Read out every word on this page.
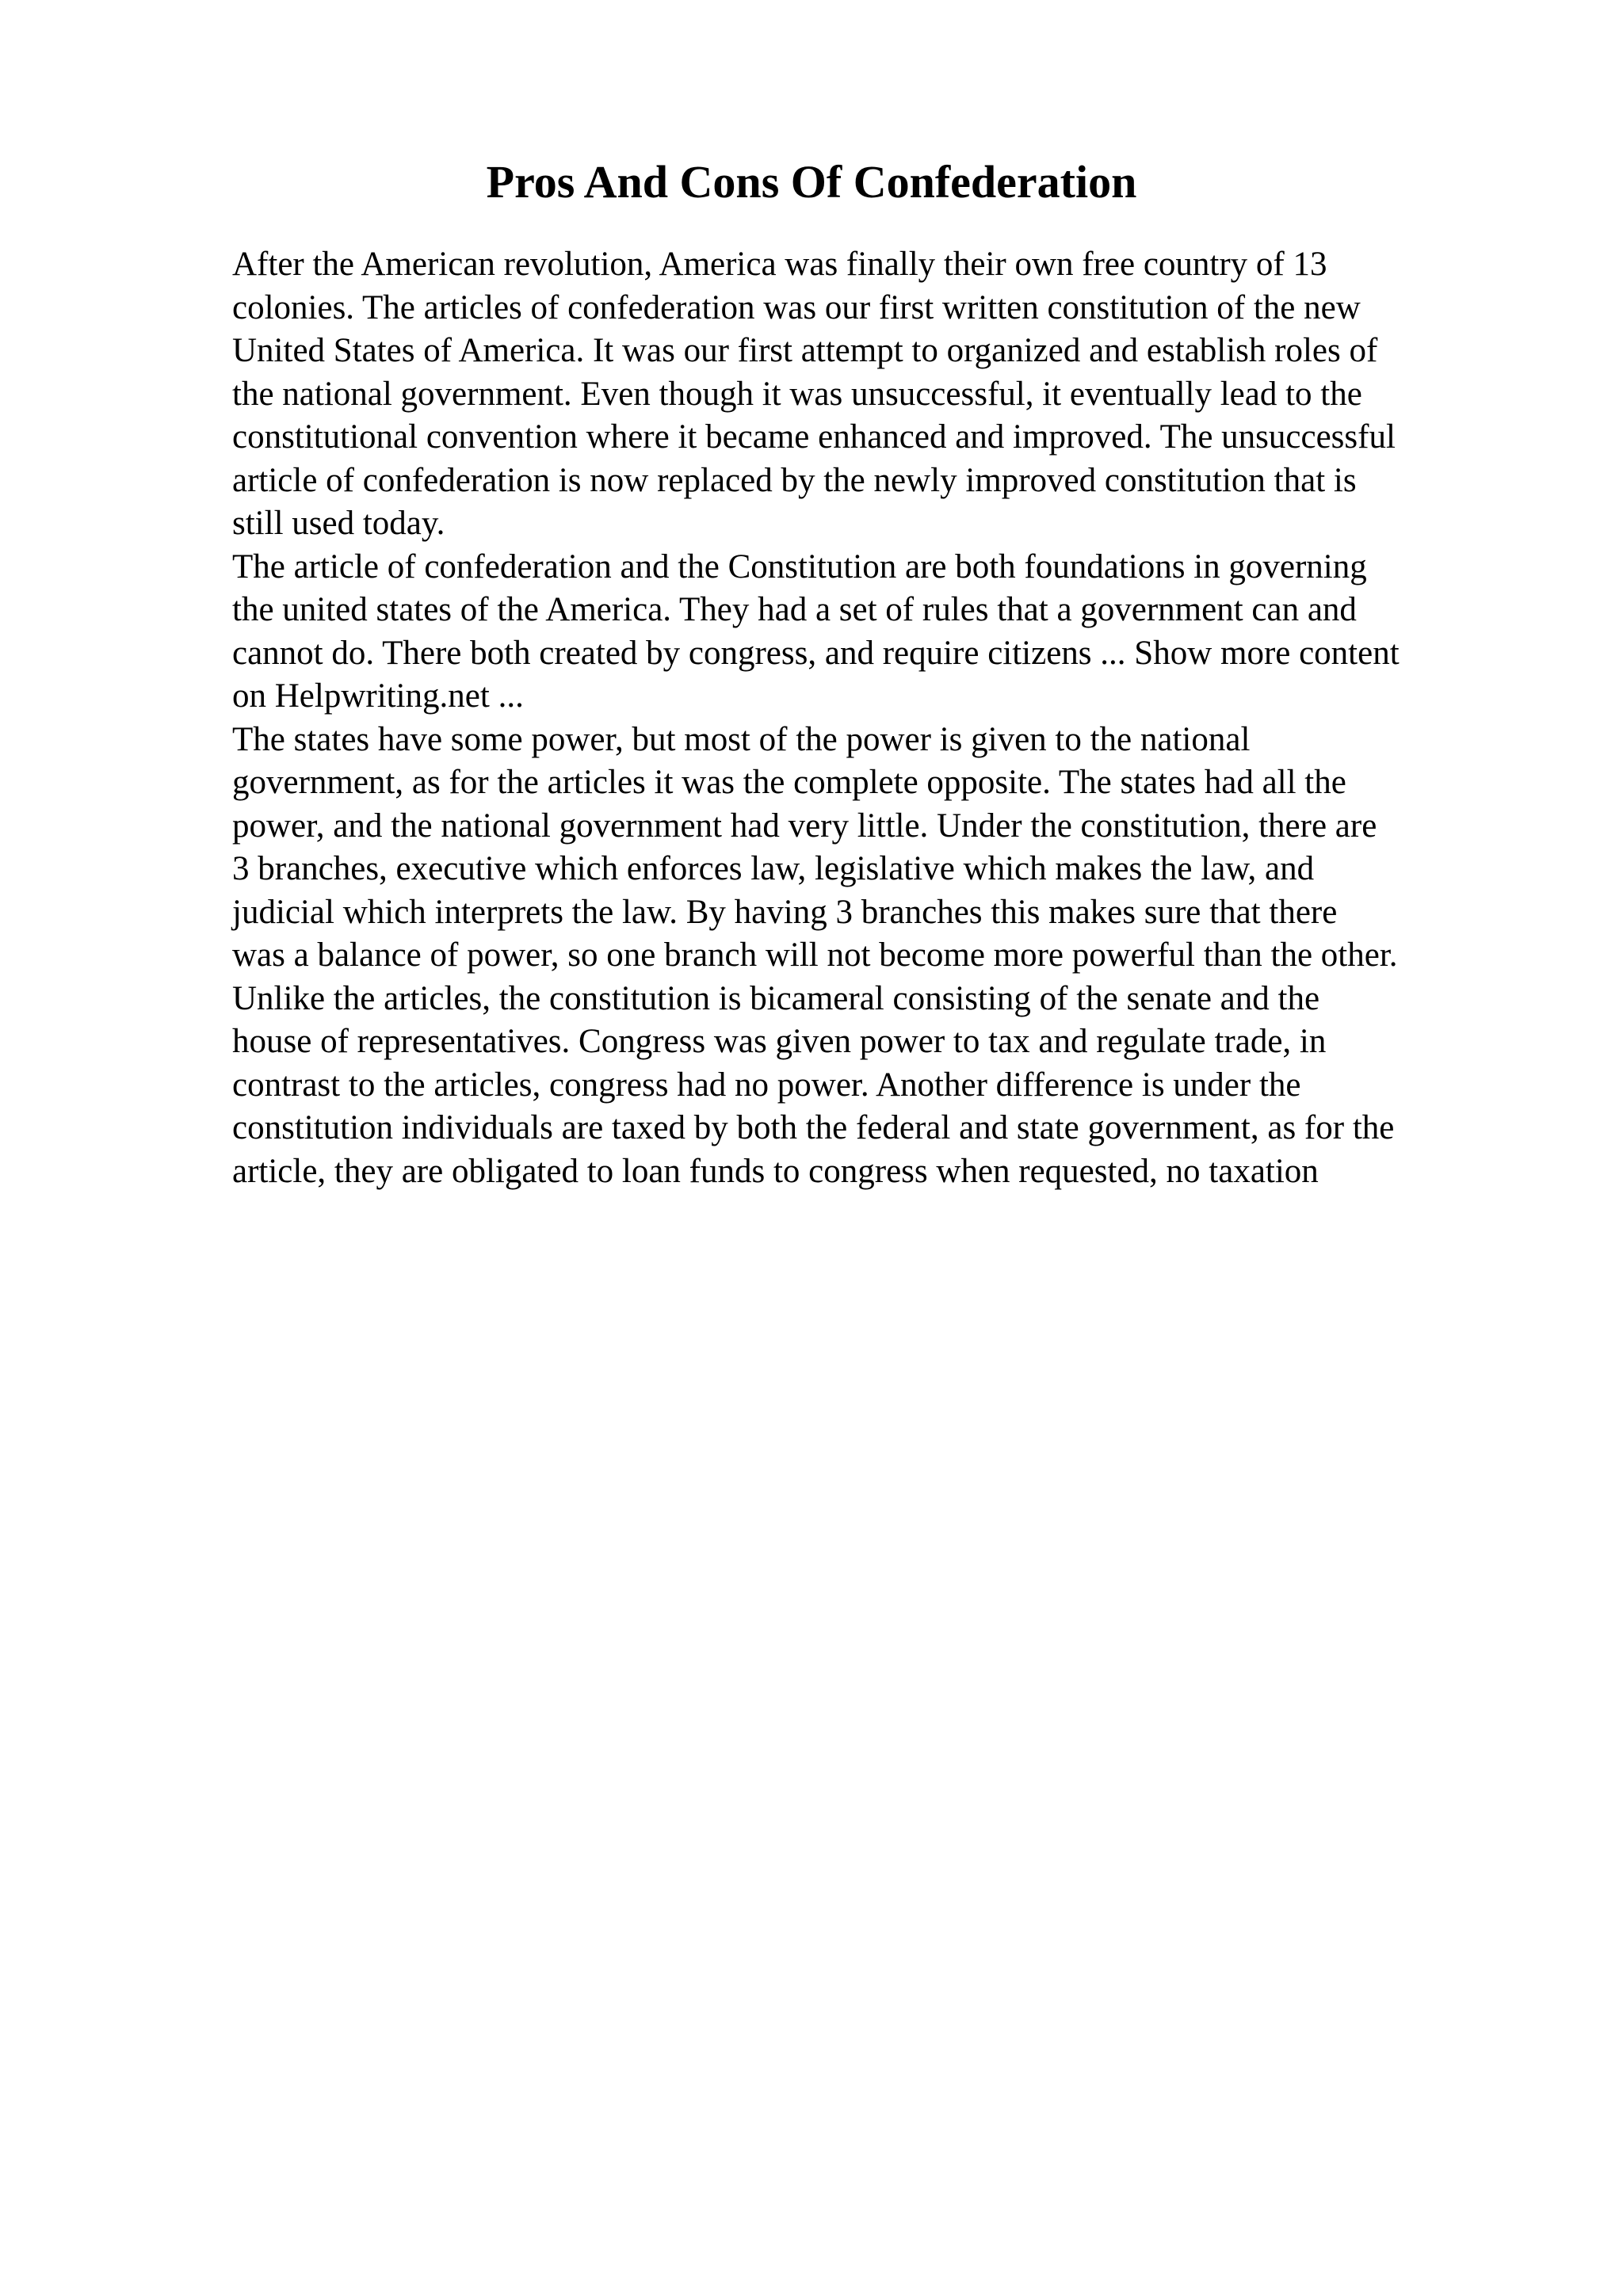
Pros And Cons Of Confederation

After the American revolution, America was finally their own free country of 13
colonies. The articles of confederation was our first written constitution of the new
United States of America. It was our first attempt to organized and establish roles of
the national government. Even though it was unsuccessful, it eventually lead to the
constitutional convention where it became enhanced and improved. The unsuccessful
article of confederation is now replaced by the newly improved constitution that is
still used today.

The article of confederation and the Constitution are both foundations in governing
the united states of the America. They had a set of rules that a government can and
cannot do. There both created by congress, and require citizens ... Show more content
on Helpwriting.net ...

The states have some power, but most of the power is given to the national
government, as for the articles it was the complete opposite. The states had all the
power, and the national government had very little. Under the constitution, there are
3 branches, executive which enforces law, legislative which makes the law, and
judicial which interprets the law. By having 3 branches this makes sure that there
was a balance of power, so one branch will not become more powerful than the other.
Unlike the articles, the constitution is bicameral consisting of the senate and the
house of representatives. Congress was given power to tax and regulate trade, in
contrast to the articles, congress had no power. Another difference is under the
constitution individuals are taxed by both the federal and state government, as for the
article, they are obligated to loan funds to congress when requested, no taxation
